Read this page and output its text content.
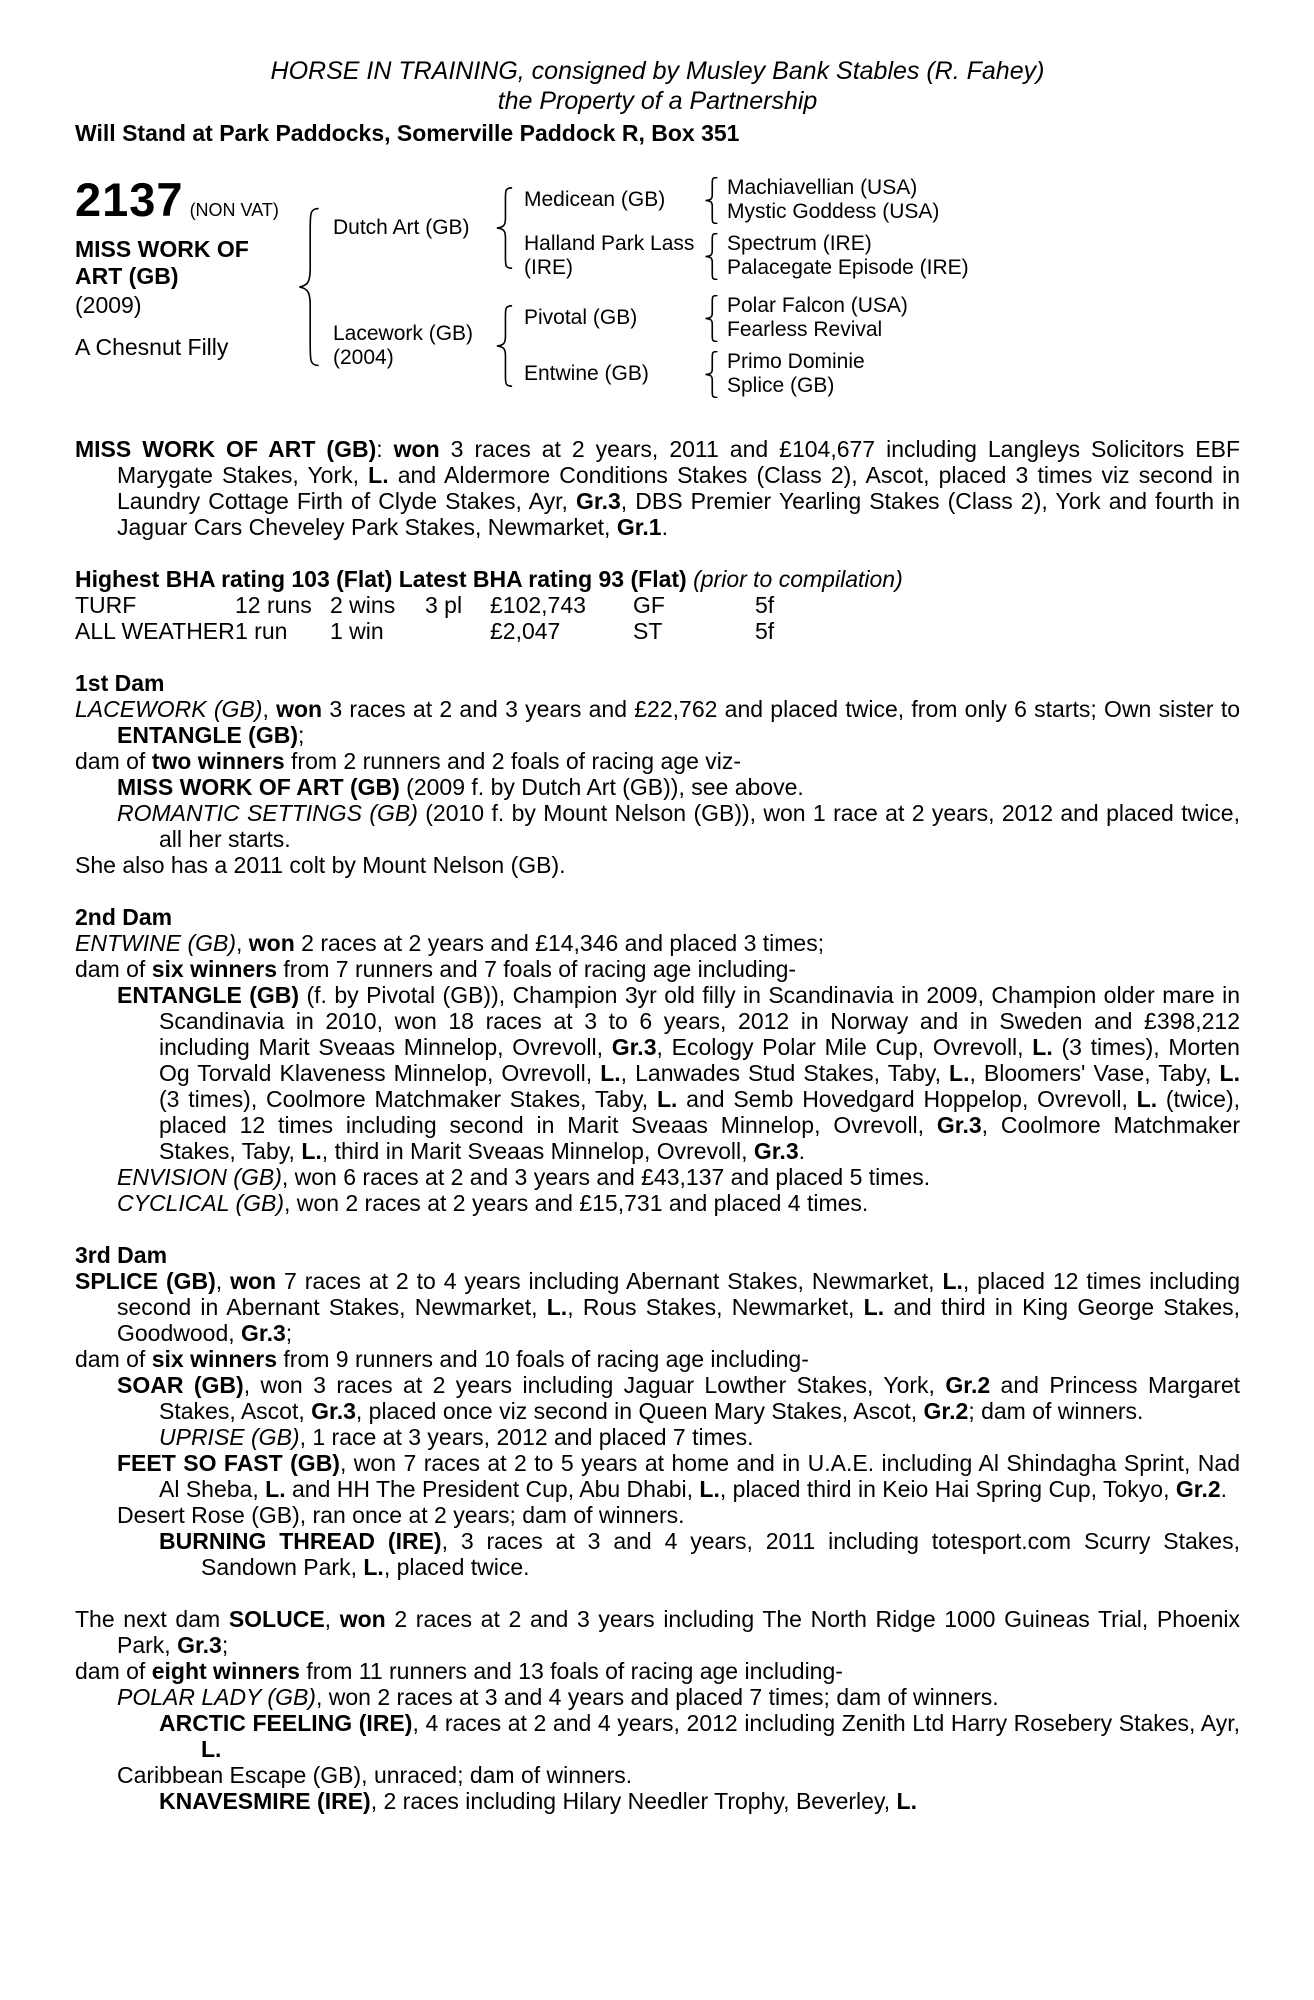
HORSE IN TRAINING, consigned by Musley Bank Stables (R. Fahey)
the Property of a Partnership
Will Stand at Park Paddocks, Somerville Paddock R, Box 351
2137 (NON VAT)
MISS WORK OF ART (GB)
(2009)
A Chesnut Filly
Dutch Art (GB)
Medicean (GB)
Machiavellian (USA)
Mystic Goddess (USA)
Halland Park Lass (IRE)
Spectrum (IRE)
Palacegate Episode (IRE)
Lacework (GB)
(2004)
Pivotal (GB)
Polar Falcon (USA)
Fearless Revival
Entwine (GB)
Primo Dominie
Splice (GB)
MISS WORK OF ART (GB): won 3 races at 2 years, 2011 and £104,677 including Langleys Solicitors EBF Marygate Stakes, York, L. and Aldermore Conditions Stakes (Class 2), Ascot, placed 3 times viz second in Laundry Cottage Firth of Clyde Stakes, Ayr, Gr.3, DBS Premier Yearling Stakes (Class 2), York and fourth in Jaguar Cars Cheveley Park Stakes, Newmarket, Gr.1.
Highest BHA rating 103 (Flat) Latest BHA rating 93 (Flat) (prior to compilation)
TURF	12 runs 2 wins	3 pl	£102,743	GF	5f
ALL WEATHER 1 run	1 win	£2,047	ST	5f
1st Dam
LACEWORK (GB), won 3 races at 2 and 3 years and £22,762 and placed twice, from only 6 starts; Own sister to ENTANGLE (GB);
dam of two winners from 2 runners and 2 foals of racing age viz-
MISS WORK OF ART (GB) (2009 f. by Dutch Art (GB)), see above.
ROMANTIC SETTINGS (GB) (2010 f. by Mount Nelson (GB)), won 1 race at 2 years, 2012 and placed twice, all her starts.
She also has a 2011 colt by Mount Nelson (GB).
2nd Dam
ENTWINE (GB), won 2 races at 2 years and £14,346 and placed 3 times;
dam of six winners from 7 runners and 7 foals of racing age including-
ENTANGLE (GB) (f. by Pivotal (GB)), Champion 3yr old filly in Scandinavia in 2009, Champion older mare in Scandinavia in 2010, won 18 races at 3 to 6 years, 2012 in Norway and in Sweden and £398,212 including Marit Sveaas Minnelop, Ovrevoll, Gr.3, Ecology Polar Mile Cup, Ovrevoll, L. (3 times), Morten Og Torvald Klaveness Minnelop, Ovrevoll, L., Lanwades Stud Stakes, Taby, L., Bloomers' Vase, Taby, L. (3 times), Coolmore Matchmaker Stakes, Taby, L. and Semb Hovedgard Hoppelop, Ovrevoll, L. (twice), placed 12 times including second in Marit Sveaas Minnelop, Ovrevoll, Gr.3, Coolmore Matchmaker Stakes, Taby, L., third in Marit Sveaas Minnelop, Ovrevoll, Gr.3.
ENVISION (GB), won 6 races at 2 and 3 years and £43,137 and placed 5 times.
CYCLICAL (GB), won 2 races at 2 years and £15,731 and placed 4 times.
3rd Dam
SPLICE (GB), won 7 races at 2 to 4 years including Abernant Stakes, Newmarket, L., placed 12 times including second in Abernant Stakes, Newmarket, L., Rous Stakes, Newmarket, L. and third in King George Stakes, Goodwood, Gr.3;
dam of six winners from 9 runners and 10 foals of racing age including-
SOAR (GB), won 3 races at 2 years including Jaguar Lowther Stakes, York, Gr.2 and Princess Margaret Stakes, Ascot, Gr.3, placed once viz second in Queen Mary Stakes, Ascot, Gr.2; dam of winners.
UPRISE (GB), 1 race at 3 years, 2012 and placed 7 times.
FEET SO FAST (GB), won 7 races at 2 to 5 years at home and in U.A.E. including Al Shindagha Sprint, Nad Al Sheba, L. and HH The President Cup, Abu Dhabi, L., placed third in Keio Hai Spring Cup, Tokyo, Gr.2.
Desert Rose (GB), ran once at 2 years; dam of winners.
BURNING THREAD (IRE), 3 races at 3 and 4 years, 2011 including totesport.com Scurry Stakes, Sandown Park, L., placed twice.
The next dam SOLUCE, won 2 races at 2 and 3 years including The North Ridge 1000 Guineas Trial, Phoenix Park, Gr.3;
dam of eight winners from 11 runners and 13 foals of racing age including-
POLAR LADY (GB), won 2 races at 3 and 4 years and placed 7 times; dam of winners.
ARCTIC FEELING (IRE), 4 races at 2 and 4 years, 2012 including Zenith Ltd Harry Rosebery Stakes, Ayr, L.
Caribbean Escape (GB), unraced; dam of winners.
KNAVESMIRE (IRE), 2 races including Hilary Needler Trophy, Beverley, L.
